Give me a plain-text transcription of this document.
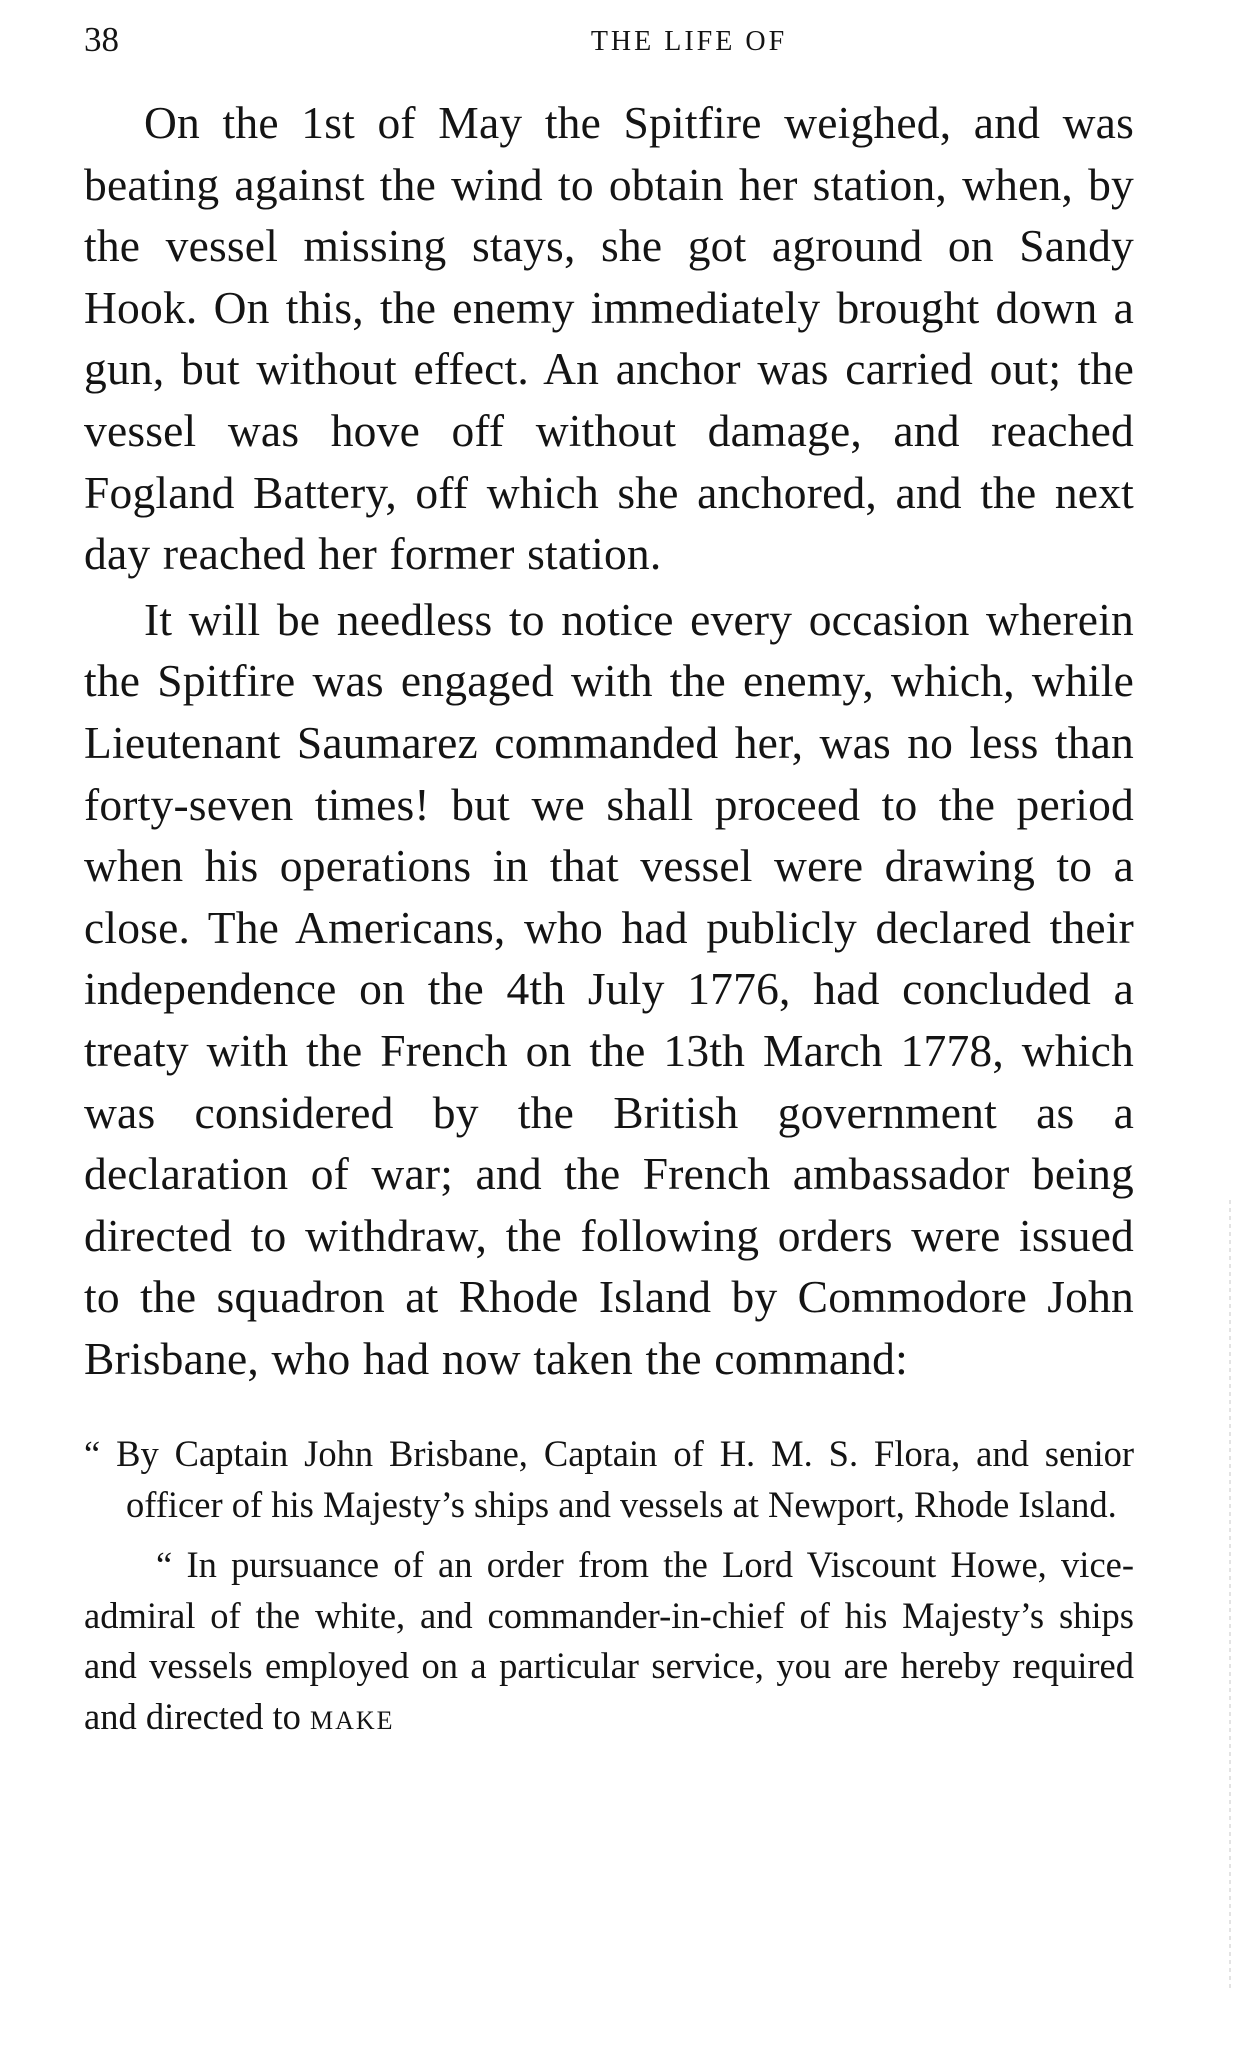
38	THE LIFE OF

On the 1st of May the Spitfire weighed, and was beating against the wind to obtain her station, when, by the vessel missing stays, she got aground on Sandy Hook. On this, the enemy immediately brought down a gun, but without effect. An anchor was carried out; the vessel was hove off without damage, and reached Fogland Battery, off which she anchored, and the next day reached her former station.

It will be needless to notice every occasion wherein the Spitfire was engaged with the enemy, which, while Lieutenant Saumarez commanded her, was no less than forty-seven times! but we shall proceed to the period when his operations in that vessel were drawing to a close. The Americans, who had publicly declared their independence on the 4th July 1776, had concluded a treaty with the French on the 13th March 1778, which was considered by the British government as a declaration of war; and the French ambassador being directed to withdraw, the following orders were issued to the squadron at Rhode Island by Commodore John Brisbane, who had now taken the command:

“ By Captain John Brisbane, Captain of H. M. S. Flora, and senior officer of his Majesty’s ships and vessels at Newport, Rhode Island.

“ In pursuance of an order from the Lord Viscount Howe, vice-admiral of the white, and commander-in-chief of his Majesty’s ships and vessels employed on a particular service, you are hereby required and directed to make
